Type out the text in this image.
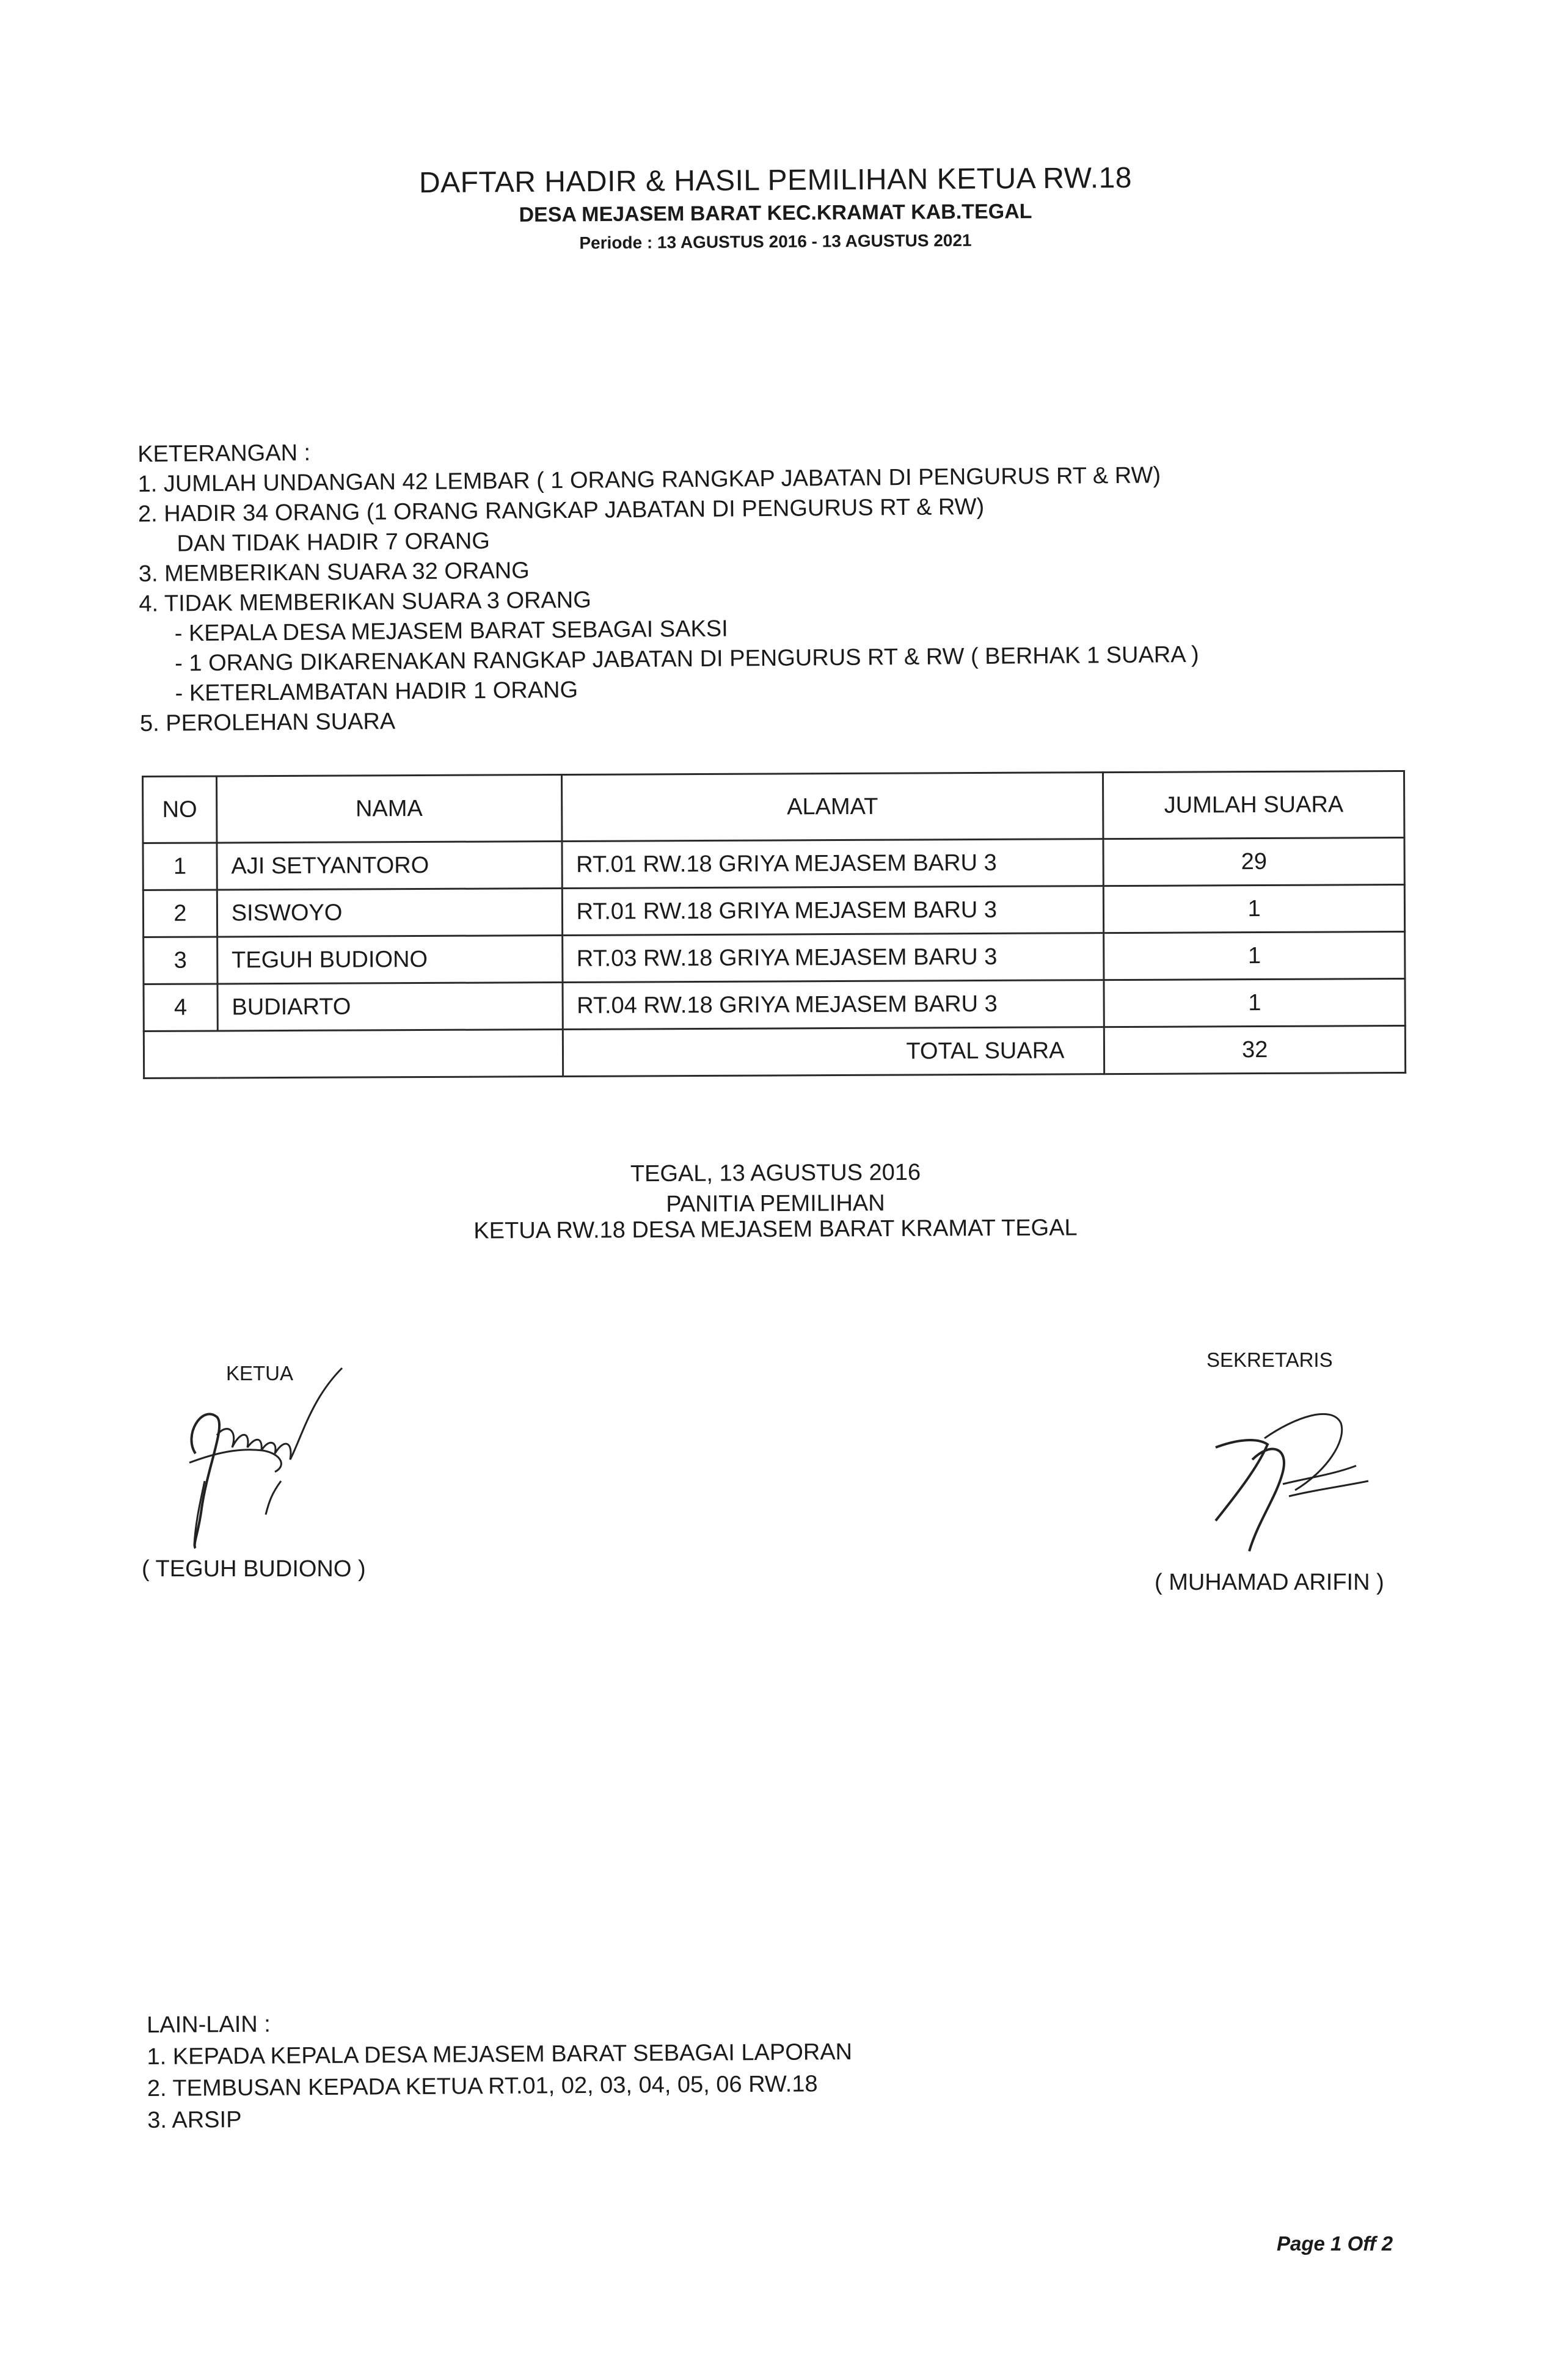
DAFTAR HADIR & HASIL PEMILIHAN KETUA RW.18
DESA MEJASEM BARAT KEC.KRAMAT KAB.TEGAL
Periode : 13 AGUSTUS 2016 - 13 AGUSTUS 2021
KETERANGAN :
1. JUMLAH UNDANGAN 42 LEMBAR ( 1 ORANG RANGKAP JABATAN DI PENGURUS RT & RW)
2. HADIR 34 ORANG (1 ORANG RANGKAP JABATAN DI PENGURUS RT & RW)
DAN TIDAK HADIR 7 ORANG
3. MEMBERIKAN SUARA 32 ORANG
4. TIDAK MEMBERIKAN SUARA 3 ORANG
- KEPALA DESA MEJASEM BARAT SEBAGAI SAKSI
- 1 ORANG DIKARENAKAN RANGKAP JABATAN DI PENGURUS RT & RW ( BERHAK 1 SUARA )
- KETERLAMBATAN HADIR 1 ORANG
5. PEROLEHAN SUARA
NO	NAMA	ALAMAT	JUMLAH SUARA
1	AJI SETYANTORO	RT.01 RW.18 GRIYA MEJASEM BARU 3	29
2	SISWOYO	RT.01 RW.18 GRIYA MEJASEM BARU 3	1
3	TEGUH BUDIONO	RT.03 RW.18 GRIYA MEJASEM BARU 3	1
4	BUDIARTO	RT.04 RW.18 GRIYA MEJASEM BARU 3	1
		TOTAL SUARA	32
TEGAL, 13 AGUSTUS 2016
PANITIA PEMILIHAN
KETUA RW.18 DESA MEJASEM BARAT KRAMAT TEGAL
KETUA
( TEGUH BUDIONO )
SEKRETARIS
( MUHAMAD ARIFIN )
LAIN-LAIN :
1. KEPADA KEPALA DESA MEJASEM BARAT SEBAGAI LAPORAN
2. TEMBUSAN KEPADA KETUA RT.01, 02, 03, 04, 05, 06 RW.18
3. ARSIP
Page 1 Off 2
